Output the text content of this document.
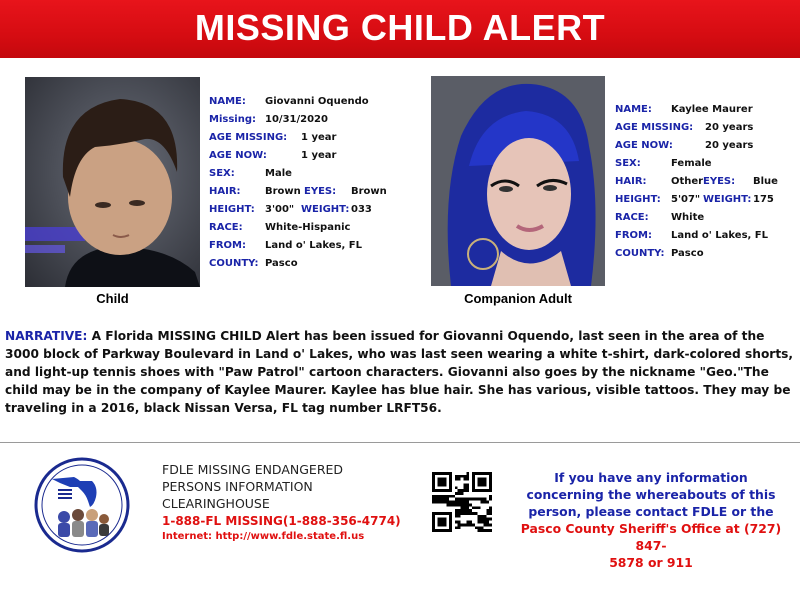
MISSING CHILD ALERT
Child
NAME: Giovanni Oquendo
Missing: 10/31/2020
AGE MISSING: 1 year
AGE NOW:	1 year
SEX:	Male
HAIR: Brown EYES: Brown
HEIGHT: 3'00" WEIGHT: 033
RACE: White-Hispanic
FROM: Land o' Lakes, FL
COUNTY: Pasco
Companion Adult
NAME: Kaylee Maurer
AGE MISSING: 20 years
AGE NOW:	20 years
SEX:	Female
HAIR: Other EYES: Blue
HEIGHT: 5'07" WEIGHT: 175
RACE: White
FROM: Land o' Lakes, FL
COUNTY: Pasco
NARRATIVE: A Florida MISSING CHILD Alert has been issued for Giovanni Oquendo, last seen in the area of the 3000 block of Parkway Boulevard in Land o' Lakes, who was last seen wearing a white t-shirt, dark-colored shorts, and light-up tennis shoes with "Paw Patrol" cartoon characters. Giovanni also goes by the nickname "Geo."The child may be in the company of Kaylee Maurer. Kaylee has blue hair. She has various, visible tattoos. They may be traveling in a 2016, black Nissan Versa, FL tag number LRFT56.
FDLE MISSING ENDANGERED
PERSONS INFORMATION
CLEARINGHOUSE
1-888-FL MISSING(1-888-356-4774)
Internet: http://www.fdle.state.fl.us
If you have any information
concerning the whereabouts of this
person, please contact FDLE or the
Pasco County Sheriff's Office at (727) 847-
5878 or 911
